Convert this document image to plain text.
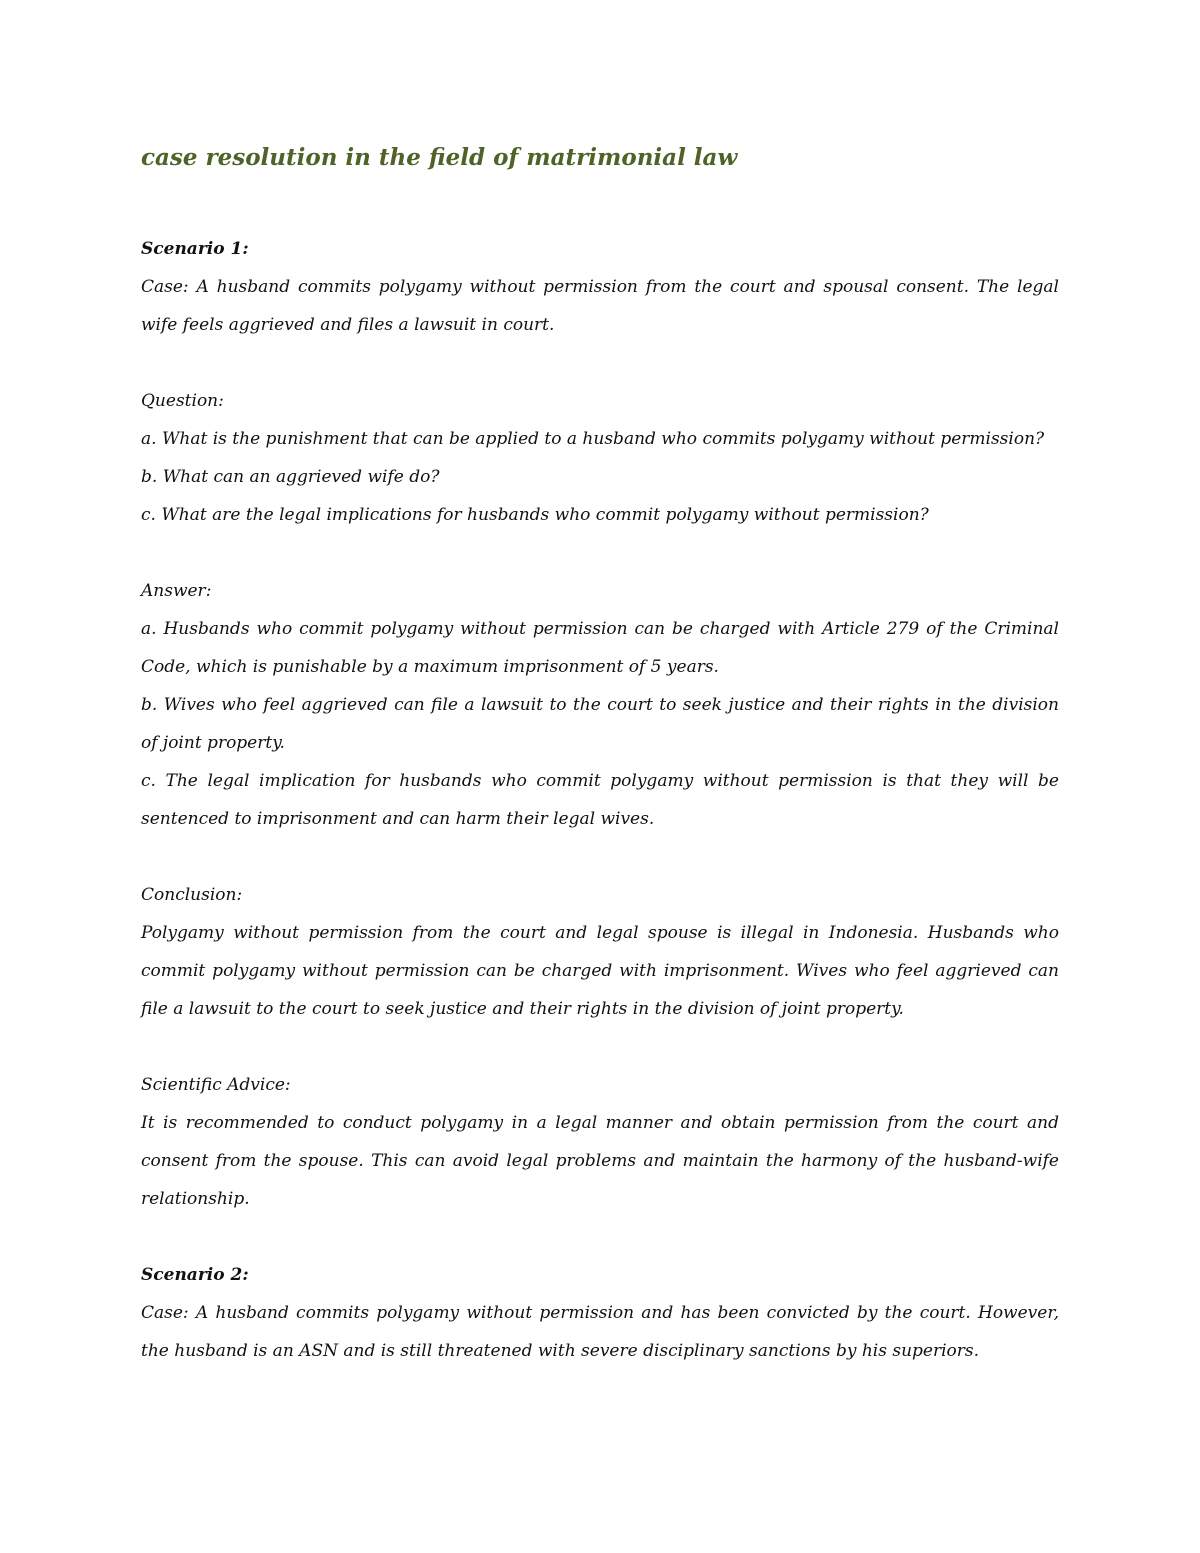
case resolution in the field of matrimonial law
Scenario 1:

Case: A husband commits polygamy without permission from the court and spousal consent. The legal wife feels aggrieved and files a lawsuit in court.

Question:

a. What is the punishment that can be applied to a husband who commits polygamy without permission?

b. What can an aggrieved wife do?

c. What are the legal implications for husbands who commit polygamy without permission?

Answer:

a. Husbands who commit polygamy without permission can be charged with Article 279 of the Criminal Code, which is punishable by a maximum imprisonment of 5 years.

b. Wives who feel aggrieved can file a lawsuit to the court to seek justice and their rights in the division of joint property.

c. The legal implication for husbands who commit polygamy without permission is that they will be sentenced to imprisonment and can harm their legal wives.

Conclusion:

Polygamy without permission from the court and legal spouse is illegal in Indonesia. Husbands who commit polygamy without permission can be charged with imprisonment. Wives who feel aggrieved can file a lawsuit to the court to seek justice and their rights in the division of joint property.

Scientific Advice:

It is recommended to conduct polygamy in a legal manner and obtain permission from the court and consent from the spouse. This can avoid legal problems and maintain the harmony of the husband-wife relationship.

Scenario 2:

Case: A husband commits polygamy without permission and has been convicted by the court. However, the husband is an ASN and is still threatened with severe disciplinary sanctions by his superiors.
